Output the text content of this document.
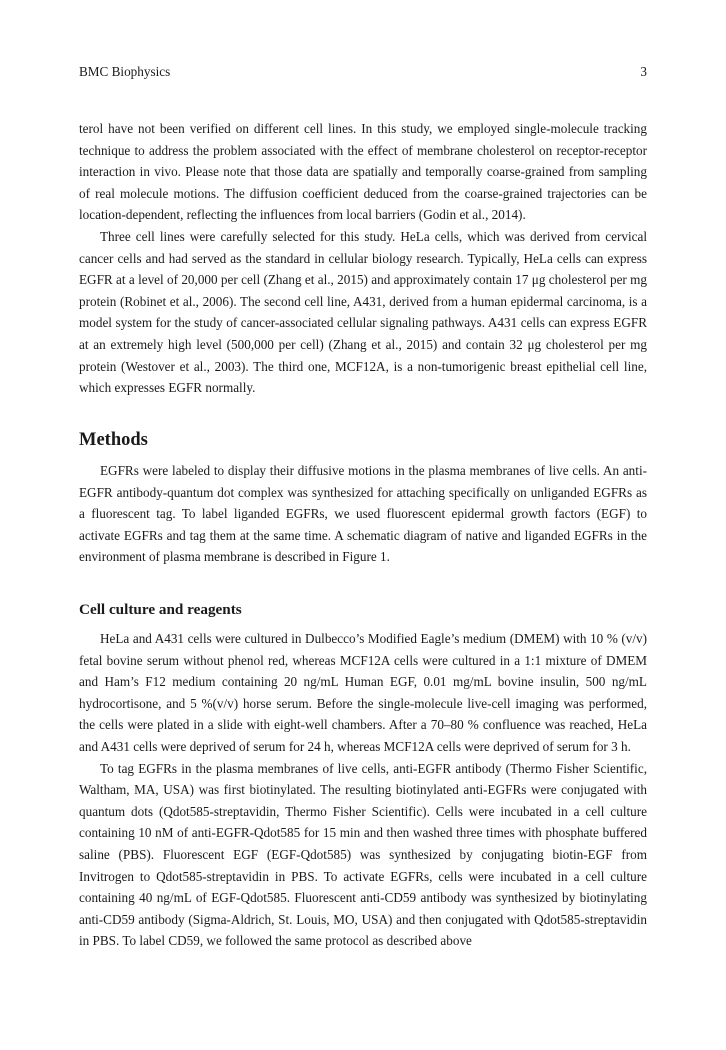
BMC Biophysics	3

terol have not been verified on different cell lines. In this study, we employed single-molecule tracking technique to address the problem associated with the effect of membrane cholesterol on receptor-receptor interaction in vivo. Please note that those data are spatially and temporally coarse-grained from sampling of real molecule motions. The diffusion coefficient deduced from the coarse-grained trajectories can be location-dependent, reflecting the influences from local barriers (Godin et al., 2014).

Three cell lines were carefully selected for this study. HeLa cells, which was derived from cervical cancer cells and had served as the standard in cellular biology research. Typically, HeLa cells can express EGFR at a level of 20,000 per cell (Zhang et al., 2015) and approximately contain 17 μg cholesterol per mg protein (Robinet et al., 2006). The second cell line, A431, derived from a human epidermal carcinoma, is a model system for the study of cancer-associated cellular signaling pathways. A431 cells can express EGFR at an extremely high level (500,000 per cell) (Zhang et al., 2015) and contain 32 μg cholesterol per mg protein (Westover et al., 2003). The third one, MCF12A, is a non-tumorigenic breast epithelial cell line, which expresses EGFR normally.

Methods

EGFRs were labeled to display their diffusive motions in the plasma membranes of live cells. An anti-EGFR antibody-quantum dot complex was synthesized for attaching specifically on unliganded EGFRs as a fluorescent tag. To label liganded EGFRs, we used fluorescent epidermal growth factors (EGF) to activate EGFRs and tag them at the same time. A schematic diagram of native and liganded EGFRs in the environment of plasma membrane is described in Figure 1.

Cell culture and reagents

HeLa and A431 cells were cultured in Dulbecco’s Modified Eagle’s medium (DMEM) with 10 % (v/v) fetal bovine serum without phenol red, whereas MCF12A cells were cultured in a 1:1 mixture of DMEM and Ham’s F12 medium containing 20 ng/mL Human EGF, 0.01 mg/mL bovine insulin, 500 ng/mL hydrocortisone, and 5 %(v/v) horse serum. Before the single-molecule live-cell imaging was performed, the cells were plated in a slide with eight-well chambers. After a 70–80 % confluence was reached, HeLa and A431 cells were deprived of serum for 24 h, whereas MCF12A cells were deprived of serum for 3 h.

To tag EGFRs in the plasma membranes of live cells, anti-EGFR antibody (Thermo Fisher Scientific, Waltham, MA, USA) was first biotinylated. The resulting biotinylated anti-EGFRs were conjugated with quantum dots (Qdot585-streptavidin, Thermo Fisher Scientific). Cells were incubated in a cell culture containing 10 nM of anti-EGFR-Qdot585 for 15 min and then washed three times with phosphate buffered saline (PBS). Fluorescent EGF (EGF-Qdot585) was synthesized by conjugating biotin-EGF from Invitrogen to Qdot585-streptavidin in PBS. To activate EGFRs, cells were incubated in a cell culture containing 40 ng/mL of EGF-Qdot585. Fluorescent anti-CD59 antibody was synthesized by biotinylating anti-CD59 antibody (Sigma-Aldrich, St. Louis, MO, USA) and then conjugated with Qdot585-streptavidin in PBS. To label CD59, we followed the same protocol as described above
